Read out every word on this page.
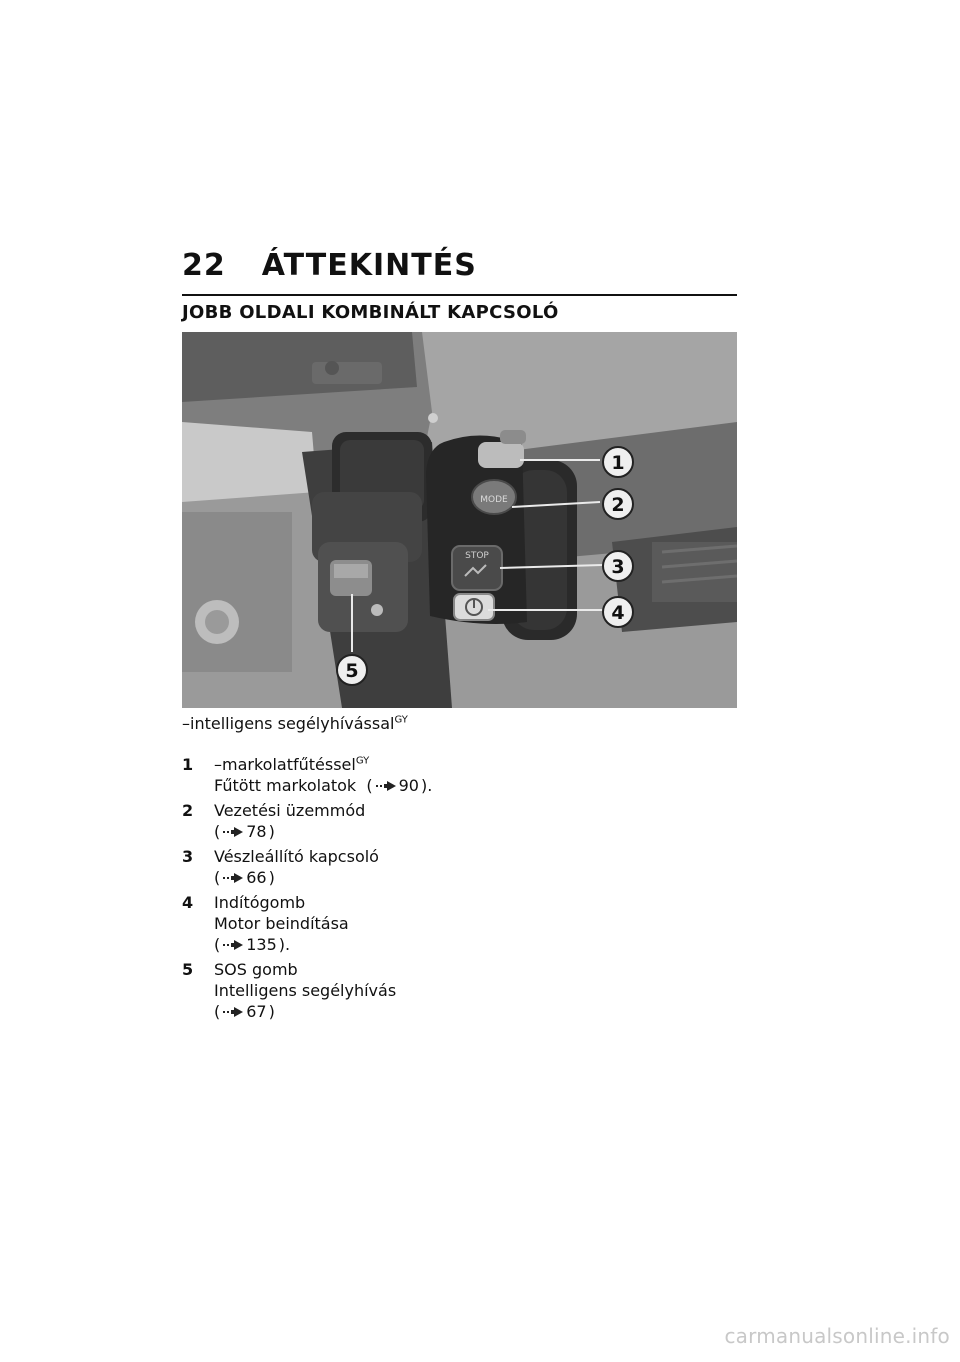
22 ÁTTEKINTÉS
JOBB OLDALI KOMBINÁLT KAPCSOLÓ
MODE
STOP
1
2
3
4
5
–intelligens segélyhívással$^{GY}$
1	–markolatfűtéssel$^{GY}$
Fűtött markolatok  ( 90 ).
2	Vezetési üzemmód
( 78 )
3	Vészleállító kapcsoló
( 66 )
4	Indítógomb
Motor beindítása
( 135 ).
5	SOS gomb
Intelligens segélyhívás
( 67 )
carmanualsonline.info
